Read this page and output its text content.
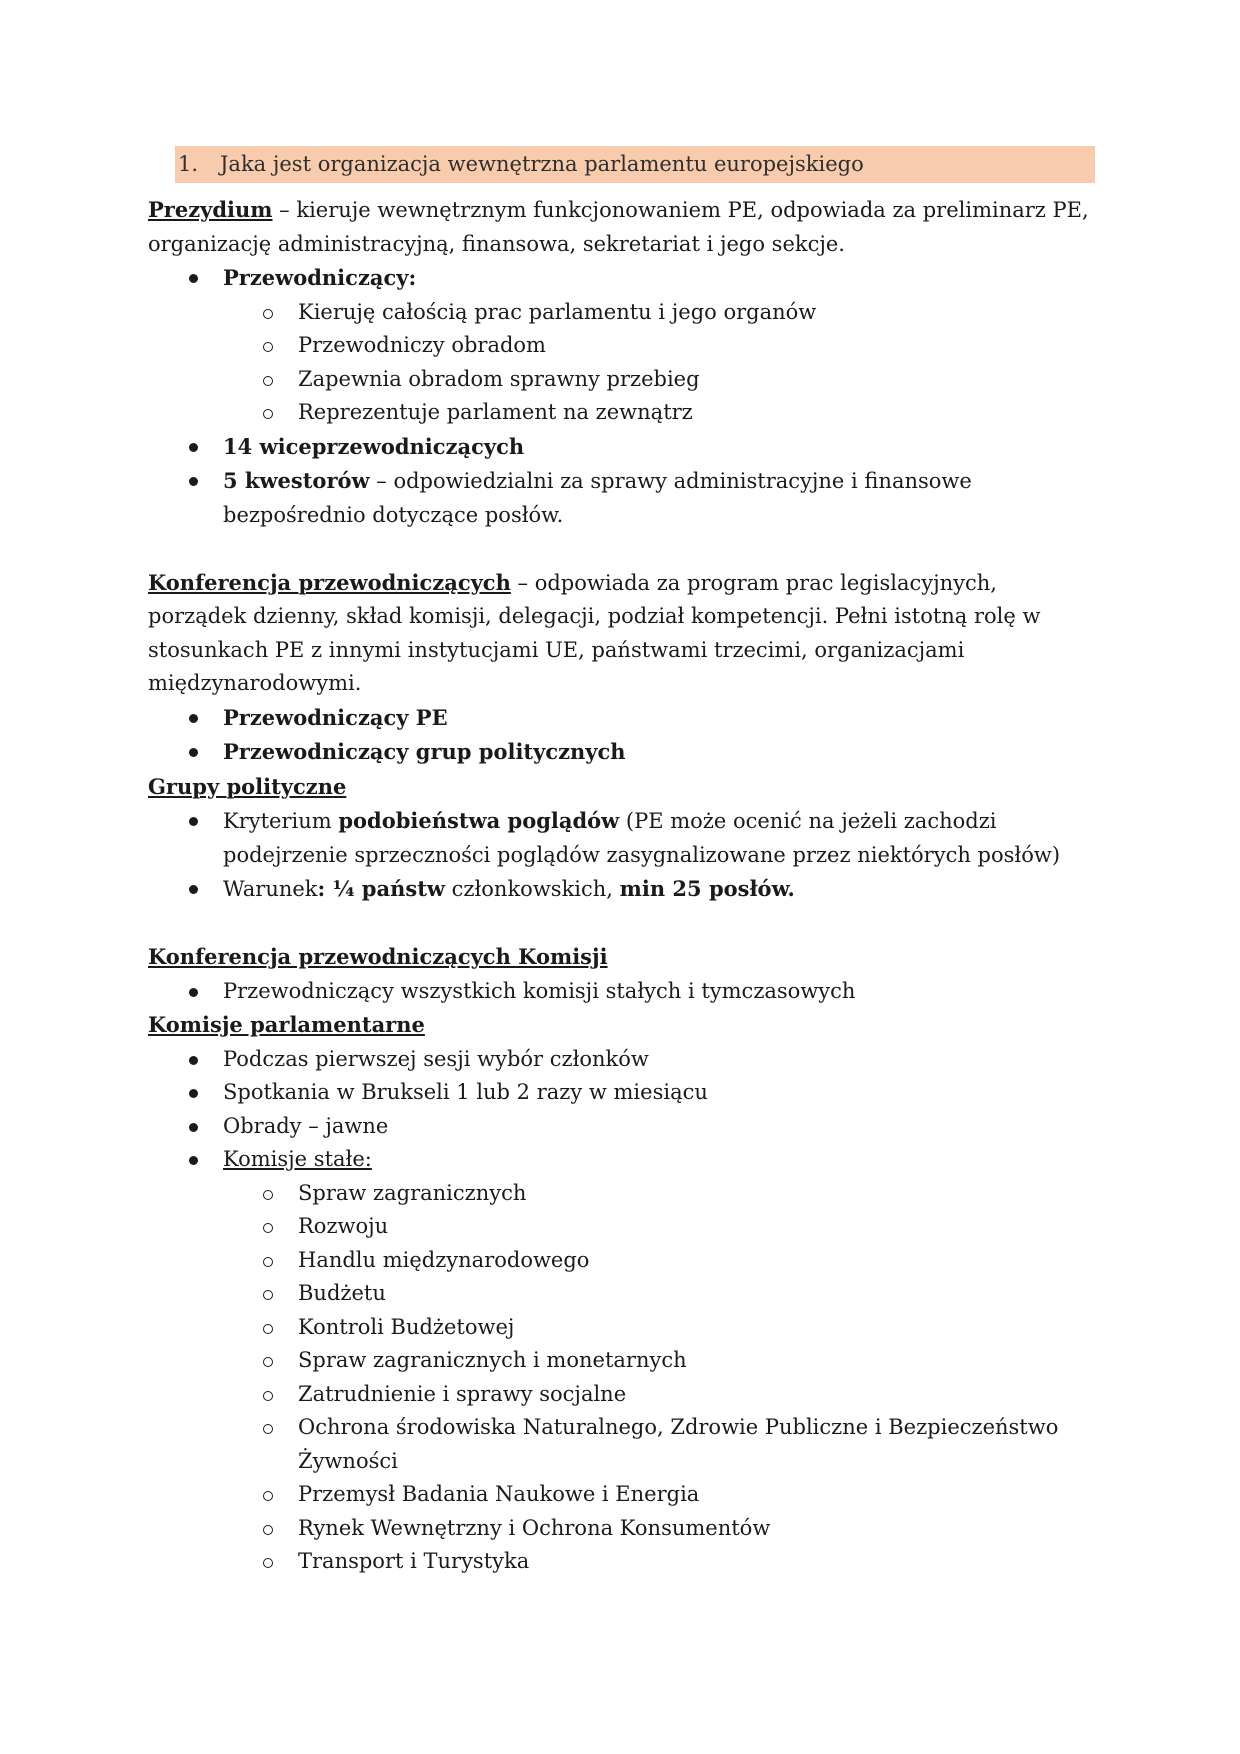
1. Jaka jest organizacja wewnętrzna parlamentu europejskiego

Prezydium – kieruje wewnętrznym funkcjonowaniem PE, odpowiada za preliminarz PE, organizację administracyjną, finansowa, sekretariat i jego sekcje.

Przewodniczący:
Kieruję całością prac parlamentu i jego organów
Przewodniczy obradom
Zapewnia obradom sprawny przebieg
Reprezentuje parlament na zewnątrz
14 wiceprzewodniczących
5 kwestorów – odpowiedzialni za sprawy administracyjne i finansowe bezpośrednio dotyczące posłów.

Konferencja przewodniczących – odpowiada za program prac legislacyjnych, porządek dzienny, skład komisji, delegacji, podział kompetencji. Pełni istotną rolę w stosunkach PE z innymi instytucjami UE, państwami trzecimi, organizacjami międzynarodowymi.

Przewodniczący PE
Przewodniczący grup politycznych

Grupy polityczne

Kryterium podobieństwa poglądów (PE może ocenić na jeżeli zachodzi podejrzenie sprzeczności poglądów zasygnalizowane przez niektórych posłów)
Warunek: ¼ państw członkowskich, min 25 posłów.

Konferencja przewodniczących Komisji

Przewodniczący wszystkich komisji stałych i tymczasowych

Komisje parlamentarne

Podczas pierwszej sesji wybór członków
Spotkania w Brukseli 1 lub 2 razy w miesiącu
Obrady – jawne
Komisje stałe:
Spraw zagranicznych
Rozwoju
Handlu międzynarodowego
Budżetu
Kontroli Budżetowej
Spraw zagranicznych i monetarnych
Zatrudnienie i sprawy socjalne
Ochrona środowiska Naturalnego, Zdrowie Publiczne i Bezpieczeństwo Żywności
Przemysł Badania Naukowe i Energia
Rynek Wewnętrzny i Ochrona Konsumentów
Transport i Turystyka
